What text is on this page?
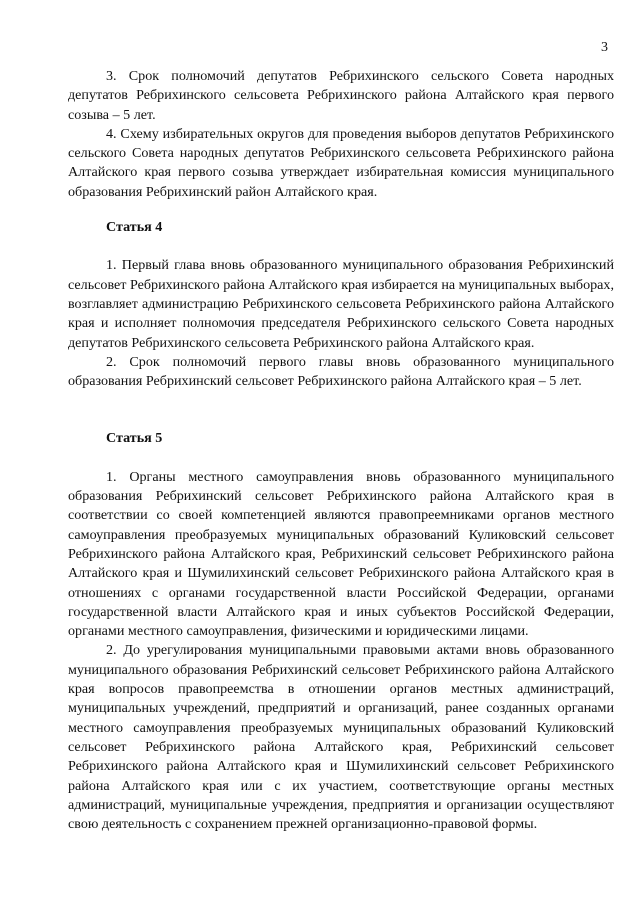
3

3. Срок полномочий депутатов Ребрихинского сельского Совета народных депутатов Ребрихинского сельсовета Ребрихинского района Алтайского края первого созыва – 5 лет.

4. Схему избирательных округов для проведения выборов депутатов Ребрихинского сельского Совета народных депутатов Ребрихинского сельсовета Ребрихинского района Алтайского края первого созыва утверждает избирательная комиссия муниципального образования Ребрихинский район Алтайского края.

Статья 4

1. Первый глава вновь образованного муниципального образования Ребрихинский сельсовет Ребрихинского района Алтайского края избирается на муниципальных выборах, возглавляет администрацию Ребрихинского сельсовета Ребрихинского района Алтайского края и исполняет полномочия председателя Ребрихинского сельского Совета народных депутатов Ребрихинского сельсовета Ребрихинского района Алтайского края.

2. Срок полномочий первого главы вновь образованного муниципального образования Ребрихинский сельсовет Ребрихинского района Алтайского края – 5 лет.

Статья 5

1. Органы местного самоуправления вновь образованного муниципального образования Ребрихинский сельсовет Ребрихинского района Алтайского края в соответствии со своей компетенцией являются правопреемниками органов местного самоуправления преобразуемых муниципальных образований Куликовский сельсовет Ребрихинского района Алтайского края, Ребрихинский сельсовет Ребрихинского района Алтайского края и Шумилихинский сельсовет Ребрихинского района Алтайского края в отношениях с органами государственной власти Российской Федерации, органами государственной власти Алтайского края и иных субъектов Российской Федерации, органами местного самоуправления, физическими и юридическими лицами.

2. До урегулирования муниципальными правовыми актами вновь образованного муниципального образования Ребрихинский сельсовет Ребрихинского района Алтайского края вопросов правопреемства в отношении органов местных администраций, муниципальных учреждений, предприятий и организаций, ранее созданных органами местного самоуправления преобразуемых муниципальных образований Куликовский сельсовет Ребрихинского района Алтайского края, Ребрихинский сельсовет Ребрихинского района Алтайского края и Шумилихинский сельсовет Ребрихинского района Алтайского края или с их участием, соответствующие органы местных администраций, муниципальные учреждения, предприятия и организации осуществляют свою деятельность с сохранением прежней организационно-правовой формы.
